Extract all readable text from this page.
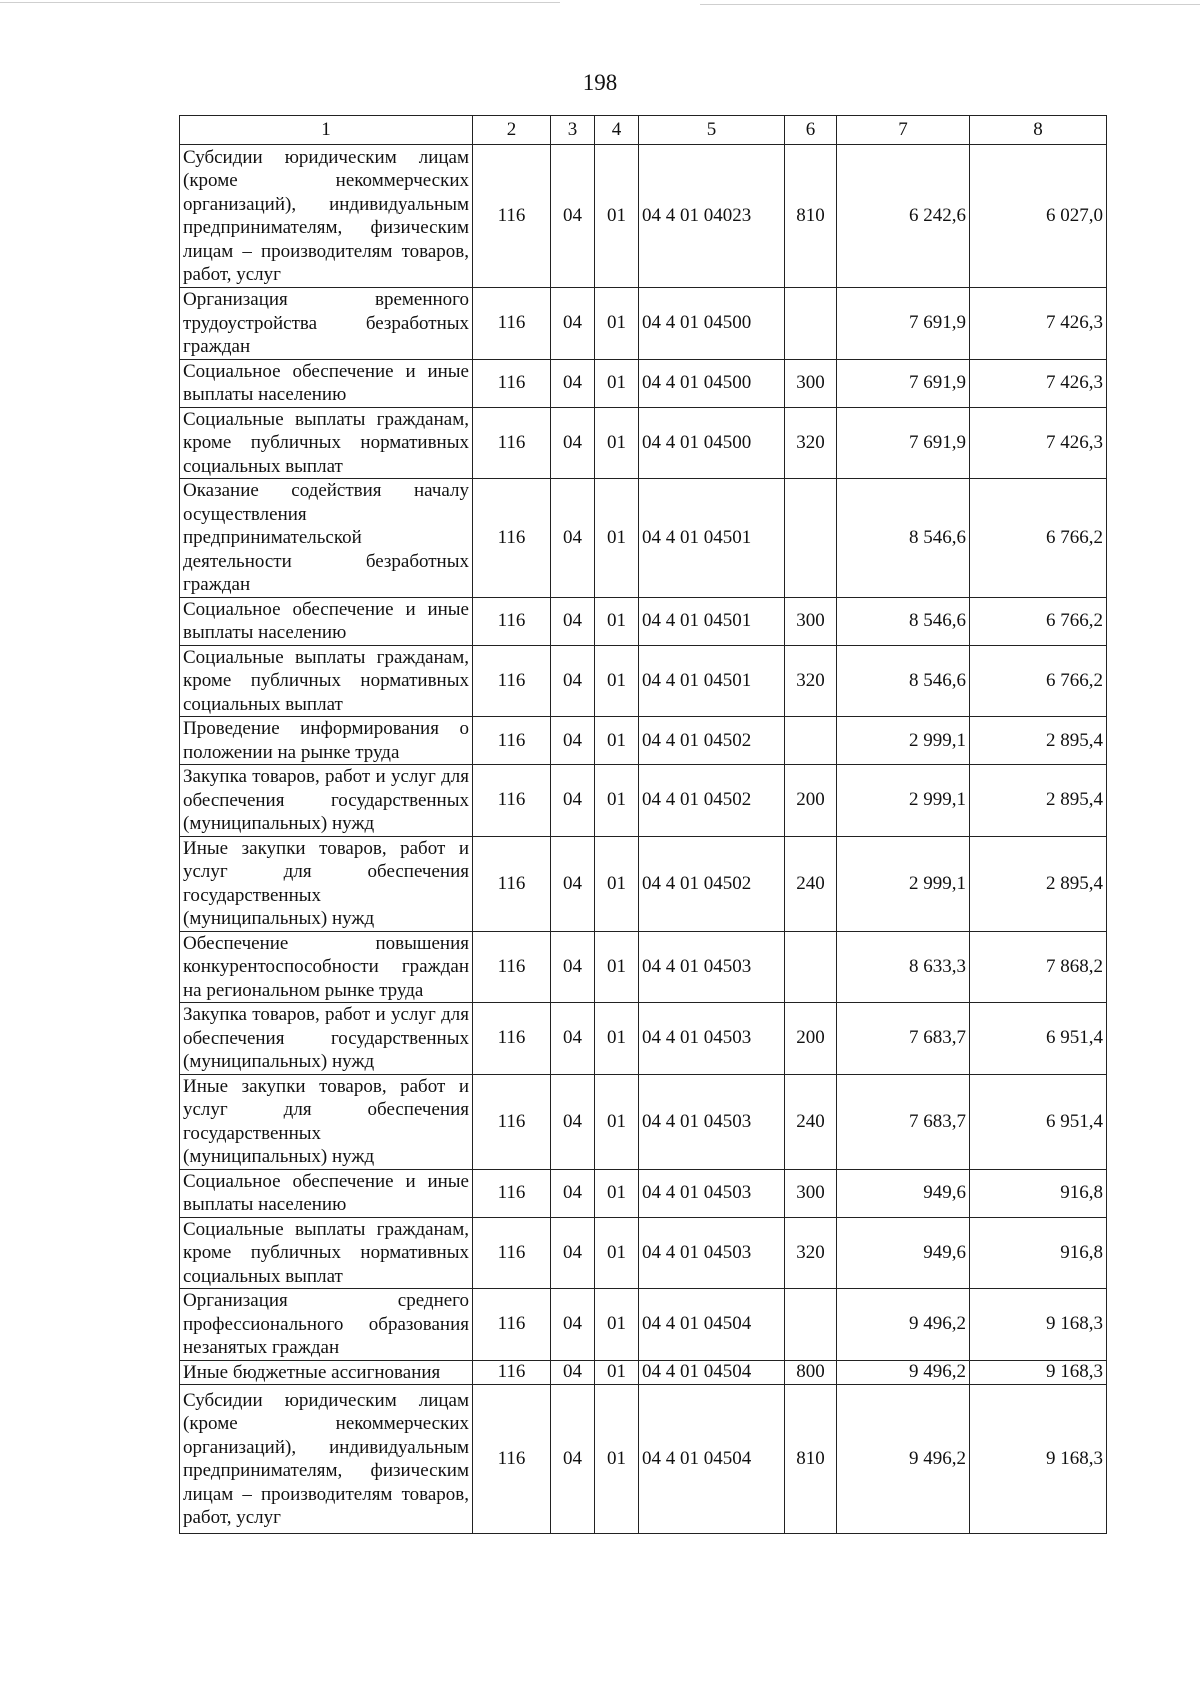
198
1	2	3	4	5	6	7	8
Субсидии юридическим лицам (кроме некоммерческих организаций), индивидуальным предпринимателям, физическим лицам – производителям товаров, работ, услуг	116	04	01	04 4 01 04023	810	6 242,6	6 027,0
Организация временного трудоустройства безработных граждан	116	04	01	04 4 01 04500		7 691,9	7 426,3
Социальное обеспечение и иные выплаты населению	116	04	01	04 4 01 04500	300	7 691,9	7 426,3
Социальные выплаты гражданам, кроме публичных нормативных социальных выплат	116	04	01	04 4 01 04500	320	7 691,9	7 426,3
Оказание содействия началу осуществления предпринимательской деятельности безработных граждан	116	04	01	04 4 01 04501		8 546,6	6 766,2
Социальное обеспечение и иные выплаты населению	116	04	01	04 4 01 04501	300	8 546,6	6 766,2
Социальные выплаты гражданам, кроме публичных нормативных социальных выплат	116	04	01	04 4 01 04501	320	8 546,6	6 766,2
Проведение информирования о положении на рынке труда	116	04	01	04 4 01 04502		2 999,1	2 895,4
Закупка товаров, работ и услуг для обеспечения государственных (муниципальных) нужд	116	04	01	04 4 01 04502	200	2 999,1	2 895,4
Иные закупки товаров, работ и услуг для обеспечения государственных (муниципальных) нужд	116	04	01	04 4 01 04502	240	2 999,1	2 895,4
Обеспечение повышения конкурентоспособности граждан на региональном рынке труда	116	04	01	04 4 01 04503		8 633,3	7 868,2
Закупка товаров, работ и услуг для обеспечения государственных (муниципальных) нужд	116	04	01	04 4 01 04503	200	7 683,7	6 951,4
Иные закупки товаров, работ и услуг для обеспечения государственных (муниципальных) нужд	116	04	01	04 4 01 04503	240	7 683,7	6 951,4
Социальное обеспечение и иные выплаты населению	116	04	01	04 4 01 04503	300	949,6	916,8
Социальные выплаты гражданам, кроме публичных нормативных социальных выплат	116	04	01	04 4 01 04503	320	949,6	916,8
Организация среднего профессионального образования незанятых граждан	116	04	01	04 4 01 04504		9 496,2	9 168,3
Иные бюджетные ассигнования	116	04	01	04 4 01 04504	800	9 496,2	9 168,3
Субсидии юридическим лицам (кроме некоммерческих организаций), индивидуальным предпринимателям, физическим лицам – производителям товаров, работ, услуг	116	04	01	04 4 01 04504	810	9 496,2	9 168,3
